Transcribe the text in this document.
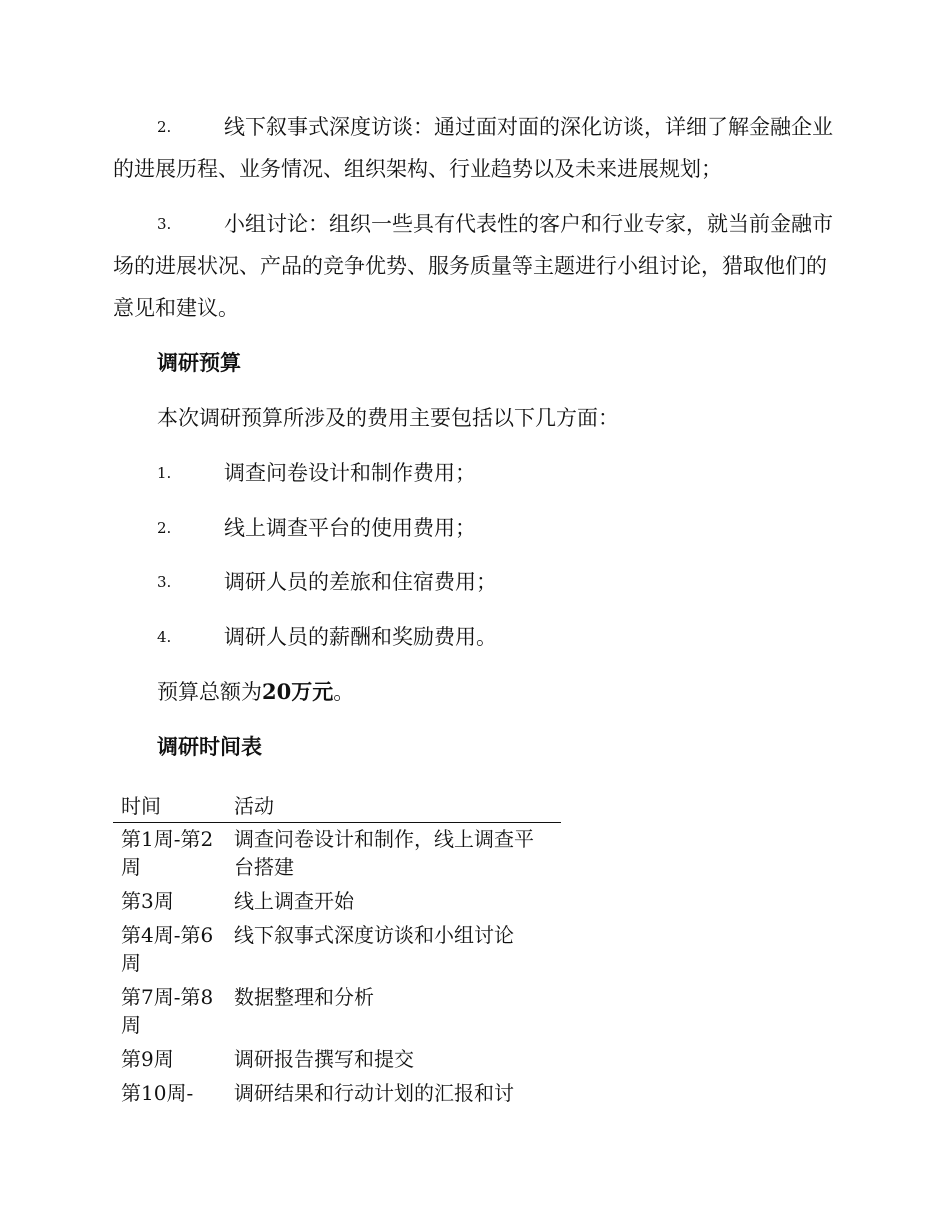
2.	线下叙事式深度访谈：通过面对面的深化访谈，详细了解金融企业的进展历程、业务情况、组织架构、行业趋势以及未来进展规划；

3.	小组讨论：组织一些具有代表性的客户和行业专家，就当前金融市场的进展状况、产品的竞争优势、服务质量等主题进行小组讨论，猎取他们的意见和建议。

调研预算

本次调研预算所涉及的费用主要包括以下几方面：

1.	调查问卷设计和制作费用；
2.	线上调查平台的使用费用；
3.	调研人员的差旅和住宿费用；
4.	调研人员的薪酬和奖励费用。

预算总额为20万元。

调研时间表
时间	活动
第1周-第2周	调查问卷设计和制作，线上调查平台搭建
第3周	线上调查开始
第4周-第6周	线下叙事式深度访谈和小组讨论
第7周-第8周	数据整理和分析
第9周	调研报告撰写和提交
第10周-	调研结果和行动计划的汇报和讨
